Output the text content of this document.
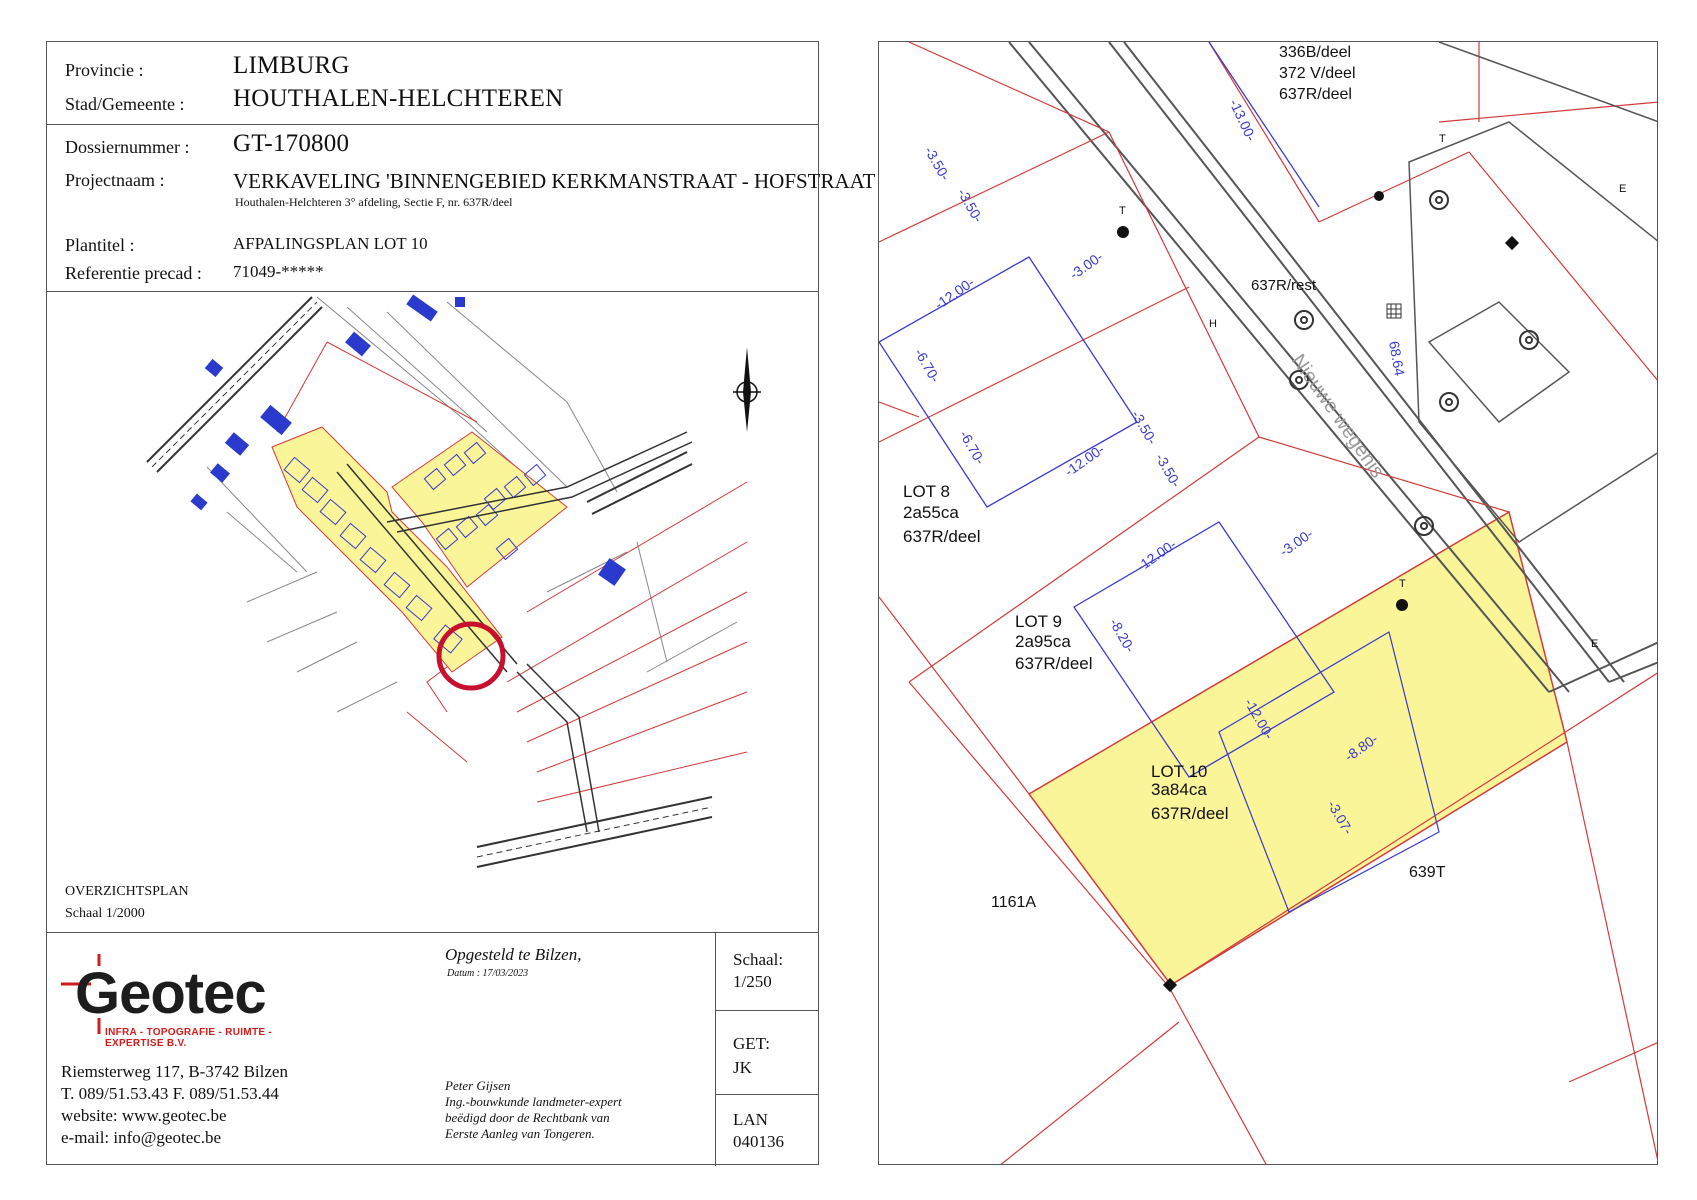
Provincie :	LIMBURG
Stad/Gemeente : HOUTHALEN-HELCHTEREN
Dossiernummer : GT-170800
Projectnaam :	VERKAVELING 'BINNENGEBIED KERKMANSTRAAT - HOFSTRAAT
Houthalen-Helchteren 3° afdeling, Sectie F, nr. 637R/deel
Plantitel :	AFPALINGSPLAN LOT 10
Referentie precad : 71049-*****
N
OVERZICHTSPLAN
Schaal 1/2000
Geotec
INFRA - TOPOGRAFIE - RUIMTE - EXPERTISE B.V.
Riemsterweg 117, B-3742 Bilzen
T. 089/51.53.43 F. 089/51.53.44
website: www.geotec.be
e-mail: info@geotec.be
Opgesteld te Bilzen,
Datum : 17/03/2023
Peter Gijsen
Ing.-bouwkunde landmeter-expert
beëdigd door de Rechtbank van
Eerste Aanleg van Tongeren.
Schaal:
1/250
GET:
JK
LAN
040136
T
T
T
H
E
E
-13.00-
-3.50-
-3.50-
-12.00-
-3.00-
-6.70-
-6.70-	-12.00-
-3.50-
-3.50-
-12.00-	-3.00-
-8.20-
-12.00-
-8.80-
-3.07-
336B/deel
372 V/deel
637R/deel
637R/rest
Nieuwe wegenis
68.64
LOT 8
2a55ca
637R/deel
LOT 9
2a95ca
637R/deel
LOT 10
3a84ca
637R/deel
1161A
639T
